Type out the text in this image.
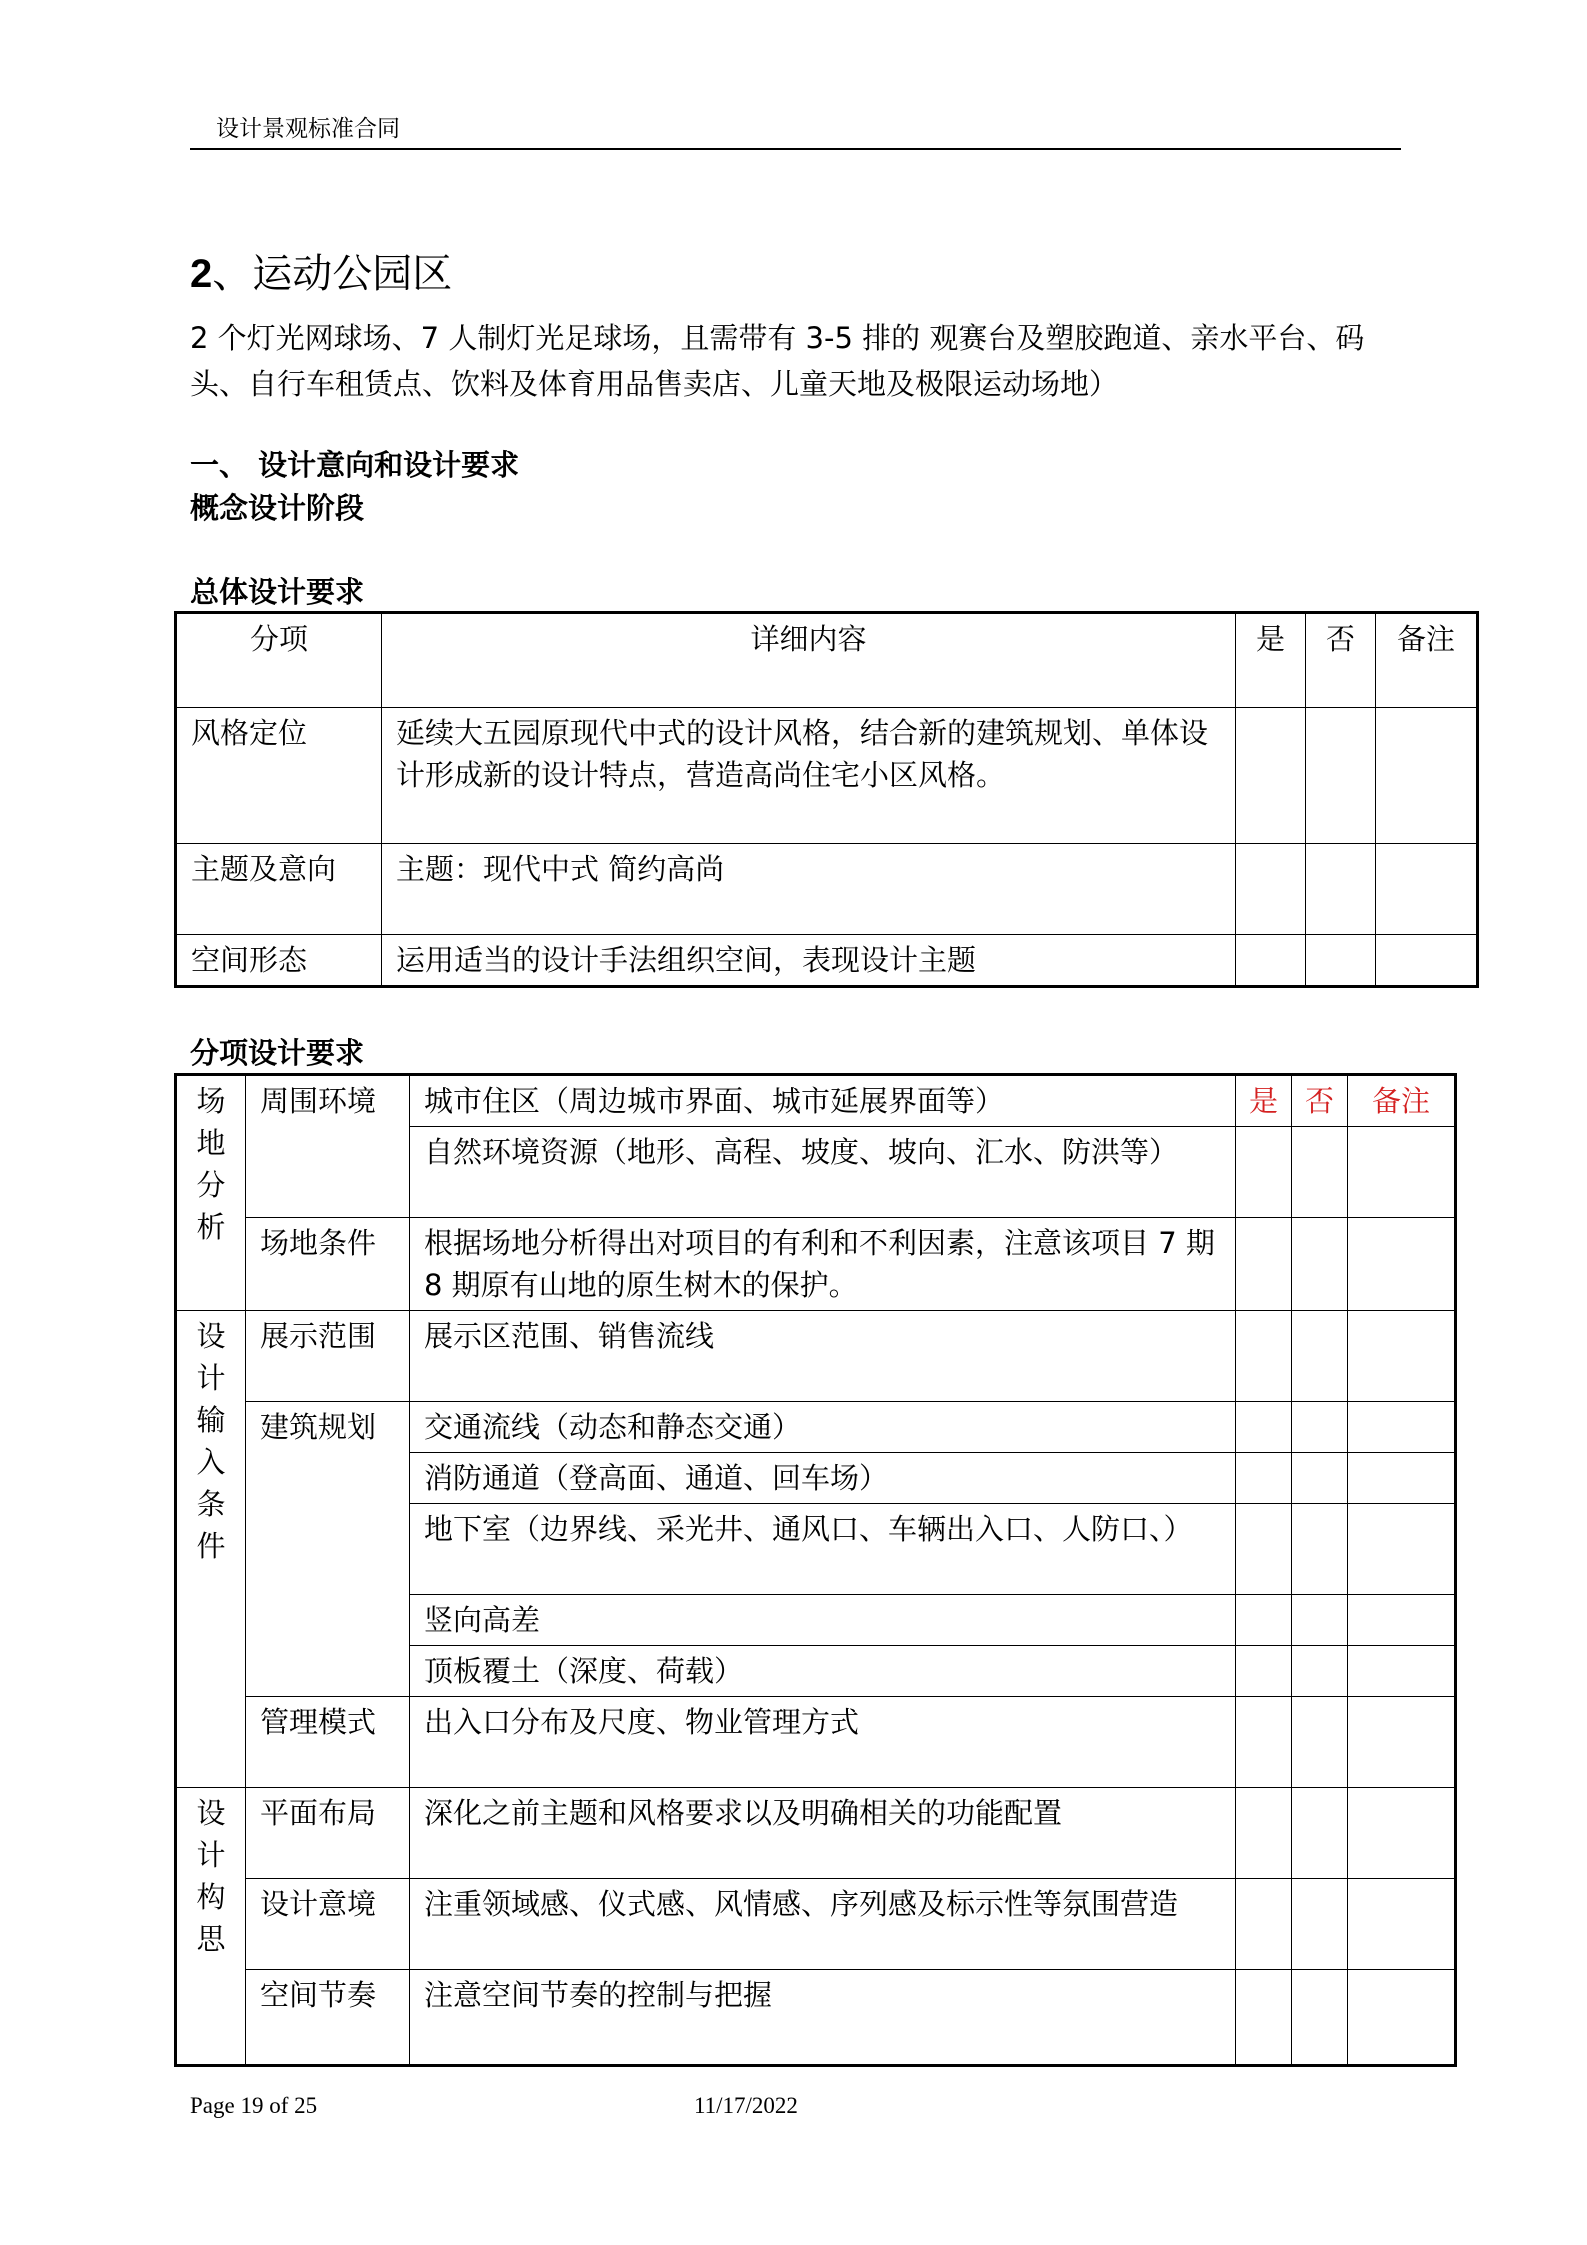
设计景观标准合同
2、运动公园区
2 个灯光网球场、7 人制灯光足球场，且需带有 3-5 排的 观赛台及塑胶跑道、亲水平台、码头、自行车租赁点、饮料及体育用品售卖店、儿童天地及极限运动场地）
一、 设计意向和设计要求
概念设计阶段
总体设计要求
分项	详细内容	是	否	备注
风格定位	延续大五园原现代中式的设计风格，结合新的建筑规划、单体设计形成新的设计特点，营造高尚住宅小区风格。			
主题及意向	主题：现代中式 简约高尚			
空间形态	运用适当的设计手法组织空间，表现设计主题			
分项设计要求
场地分析	周围环境	城市住区（周边城市界面、城市延展界面等）	是	否	备注
		自然环境资源（地形、高程、坡度、坡向、汇水、防洪等）			
	场地条件	根据场地分析得出对项目的有利和不利因素，注意该项目 7 期 8 期原有山地的原生树木的保护。			

设计输入条件	展示范围	展示区范围、销售流线			
	建筑规划	交通流线（动态和静态交通）			
		消防通道（登高面、通道、回车场）			
		地下室（边界线、采光井、通风口、车辆出入口、人防口、）			
		竖向高差			
		顶板覆土（深度、荷载）			
	管理模式	出入口分布及尺度、物业管理方式			

设计构思	平面布局	深化之前主题和风格要求以及明确相关的功能配置			
	设计意境	注重领域感、仪式感、风情感、序列感及标示性等氛围营造			
	空间节奏	注意空间节奏的控制与把握			
Page 19 of 25	11/17/2022
